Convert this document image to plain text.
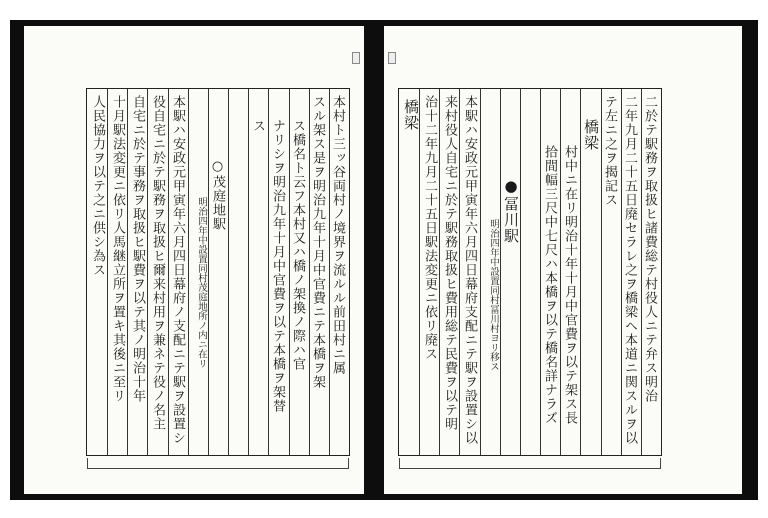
本村ト三ッ谷両村ノ境界ヲ流ルル前田村ニ属
スル架ス是ヲ明治九年十月中官費ニテ本橋ヲ架
ス橋名ト云フ本村又ハ橋ノ架換ノ際ハ官
ナリシヲ明治九年十月中官費ヲ以テ本橋ヲ架替
ス
○茂庭地駅
明治四年中設置同村茂庭地所ノ内ニ在リ
本駅ハ安政元甲寅年六月四日幕府ノ支配ニテ駅ヲ設置シ
役自宅ニ於テ駅務ヲ取扱ヒ爾来村用ヲ兼ネテ役ノ名主
自宅ニ於テ事務ヲ取扱ヒ駅費ヲ以テ其ノ明治十年
十月駅法変更ニ依リ人馬継立所ヲ置キ其後ニ至リ
人民協力ヲ以テ之ニ供シ為ス	二於テ駅務ヲ取扱ヒ諸費総テ村役人ニテ弁ス明治
二年九月二十五日廃セラレ之ヲ橋梁ヘ本道ニ関スルヲ以
テ左ニ之ヲ揭記ス
橋梁
村中ニ在リ明治十年十月中官費ヲ以テ架ス長
拾間幅三尺中七尺ハ本橋ヲ以テ橋名詳ナラズ
●冨川駅
明治四年中設置同村冨川村ヨリ移ス
本駅ハ安政元甲寅年六月四日幕府支配ニテ駅ヲ設置シ以
来村役人自宅ニ於テ駅務取扱ヒ費用総テ民費ヲ以テ明
治十二年九月二十五日駅法変更ニ依リ廃ス
橋梁
